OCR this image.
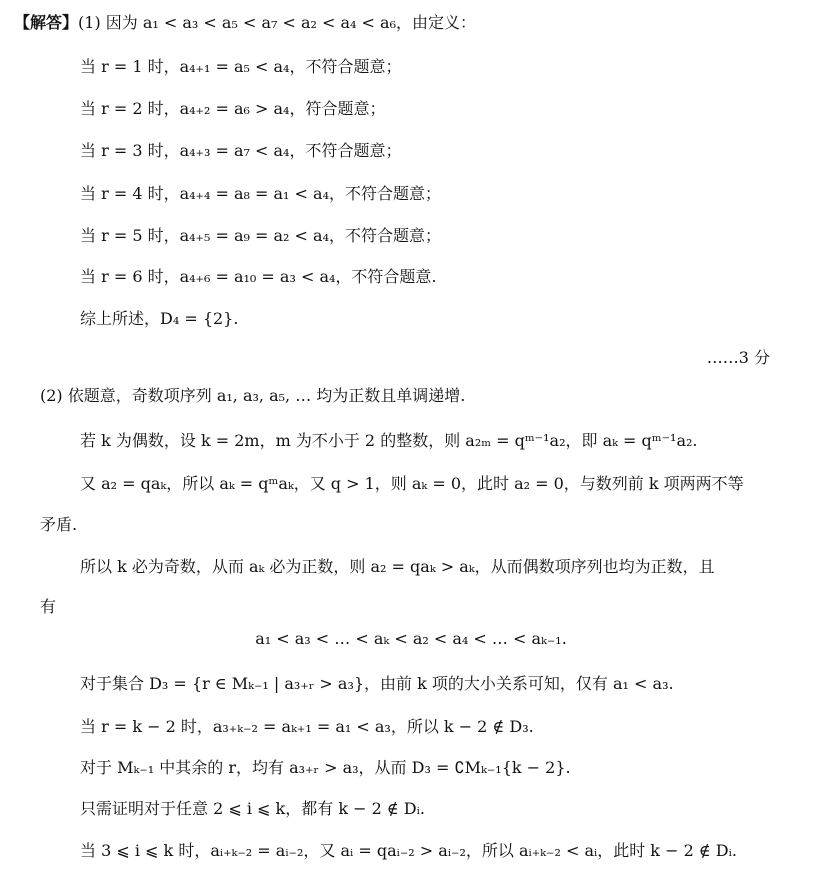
【解答】(1) 因为 a₁ < a₃ < a₅ < a₇ < a₂ < a₄ < a₆，由定义：
当 r = 1 时，a₄₊₁ = a₅ < a₄，不符合题意；
当 r = 2 时，a₄₊₂ = a₆ > a₄，符合题意；
当 r = 3 时，a₄₊₃ = a₇ < a₄，不符合题意；
当 r = 4 时，a₄₊₄ = a₈ = a₁ < a₄，不符合题意；
当 r = 5 时，a₄₊₅ = a₉ = a₂ < a₄，不符合题意；
当 r = 6 时，a₄₊₆ = a₁₀ = a₃ < a₄，不符合题意.
综上所述，D₄ = {2}.
……3 分
(2) 依题意，奇数项序列 a₁, a₃, a₅, … 均为正数且单调递增.
若 k 为偶数，设 k = 2m，m 为不小于 2 的整数，则 a₂ₘ = qᵐ⁻¹a₂，即 aₖ = qᵐ⁻¹a₂.
又 a₂ = qaₖ，所以 aₖ = qᵐaₖ，又 q > 1，则 aₖ = 0，此时 a₂ = 0，与数列前 k 项两两不等
矛盾.
所以 k 必为奇数，从而 aₖ 必为正数，则 a₂ = qaₖ > aₖ，从而偶数项序列也均为正数，且
有
a₁ < a₃ < … < aₖ < a₂ < a₄ < … < aₖ₋₁.
对于集合 D₃ = {r ∈ Mₖ₋₁ | a₃₊ᵣ > a₃}，由前 k 项的大小关系可知，仅有 a₁ < a₃.
当 r = k − 2 时，a₃₊ₖ₋₂ = aₖ₊₁ = a₁ < a₃，所以 k − 2 ∉ D₃.
对于 Mₖ₋₁ 中其余的 r，均有 a₃₊ᵣ > a₃，从而 D₃ = ∁Mₖ₋₁{k − 2}.
只需证明对于任意 2 ⩽ i ⩽ k，都有 k − 2 ∉ Dᵢ.
当 3 ⩽ i ⩽ k 时，aᵢ₊ₖ₋₂ = aᵢ₋₂，又 aᵢ = qaᵢ₋₂ > aᵢ₋₂，所以 aᵢ₊ₖ₋₂ < aᵢ，此时 k − 2 ∉ Dᵢ.
